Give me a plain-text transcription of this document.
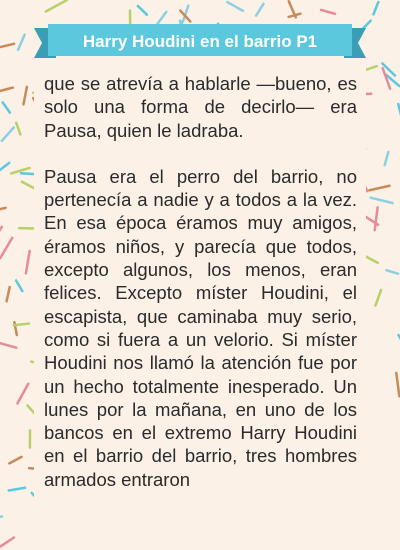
Harry Houdini en el barrio P1

que se atrevía a hablarle —bueno, es solo una forma de decirlo— era Pausa, quien le ladraba.

Pausa era el perro del barrio, no pertenecía a nadie y a todos a la vez. En esa época éramos muy amigos, éramos niños, y parecía que todos, excepto algunos, los menos, eran felices. Excepto míster Houdini, el escapista, que caminaba muy serio, como si fuera a un velorio. Si míster Houdini nos llamó la atención fue por un hecho totalmente inesperado. Un lunes por la mañana, en uno de los bancos en el extremo Harry Houdini en el barrio del barrio, tres hombres armados entraron
